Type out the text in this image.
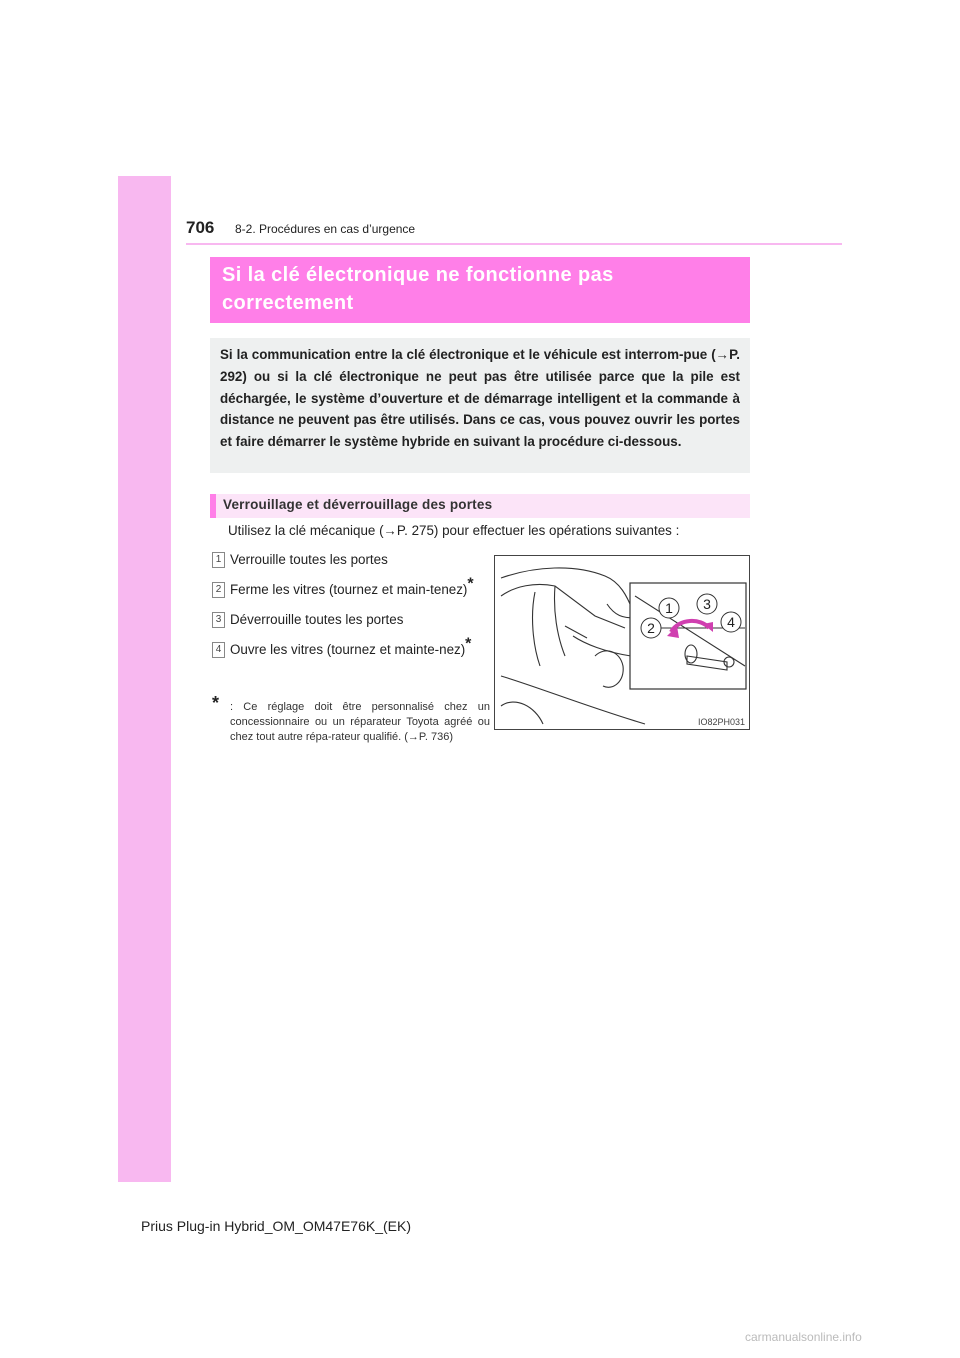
706 8-2. Procédures en cas d’urgence
Si la clé électronique ne fonctionne pas
correctement

Si la communication entre la clé électronique et le véhicule est interrom-pue (→P. 292) ou si la clé électronique ne peut pas être utilisée parce que la pile est déchargée, le système d’ouverture et de démarrage intelligent et la commande à distance ne peuvent pas être utilisés. Dans ce cas, vous pouvez ouvrir les portes et faire démarrer le système hybride en suivant la procédure ci-dessous.

Verrouillage et déverrouillage des portes
Utilisez la clé mécanique (→P. 275) pour effectuer les opérations suivantes :
1 Verrouille toutes les portes
2 Ferme les vitres (tournez et main-tenez)*
3 Déverrouille toutes les portes
4 Ouvre les vitres (tournez et mainte-nez)*
* : Ce réglage doit être personnalisé chez un concessionnaire ou un réparateur Toyota agréé ou chez tout autre répa-rateur qualifié. (→P. 736)
1
2
3
4
IO82PH031
Prius Plug-in Hybrid_OM_OM47E76K_(EK)
carmanualsonline.info
